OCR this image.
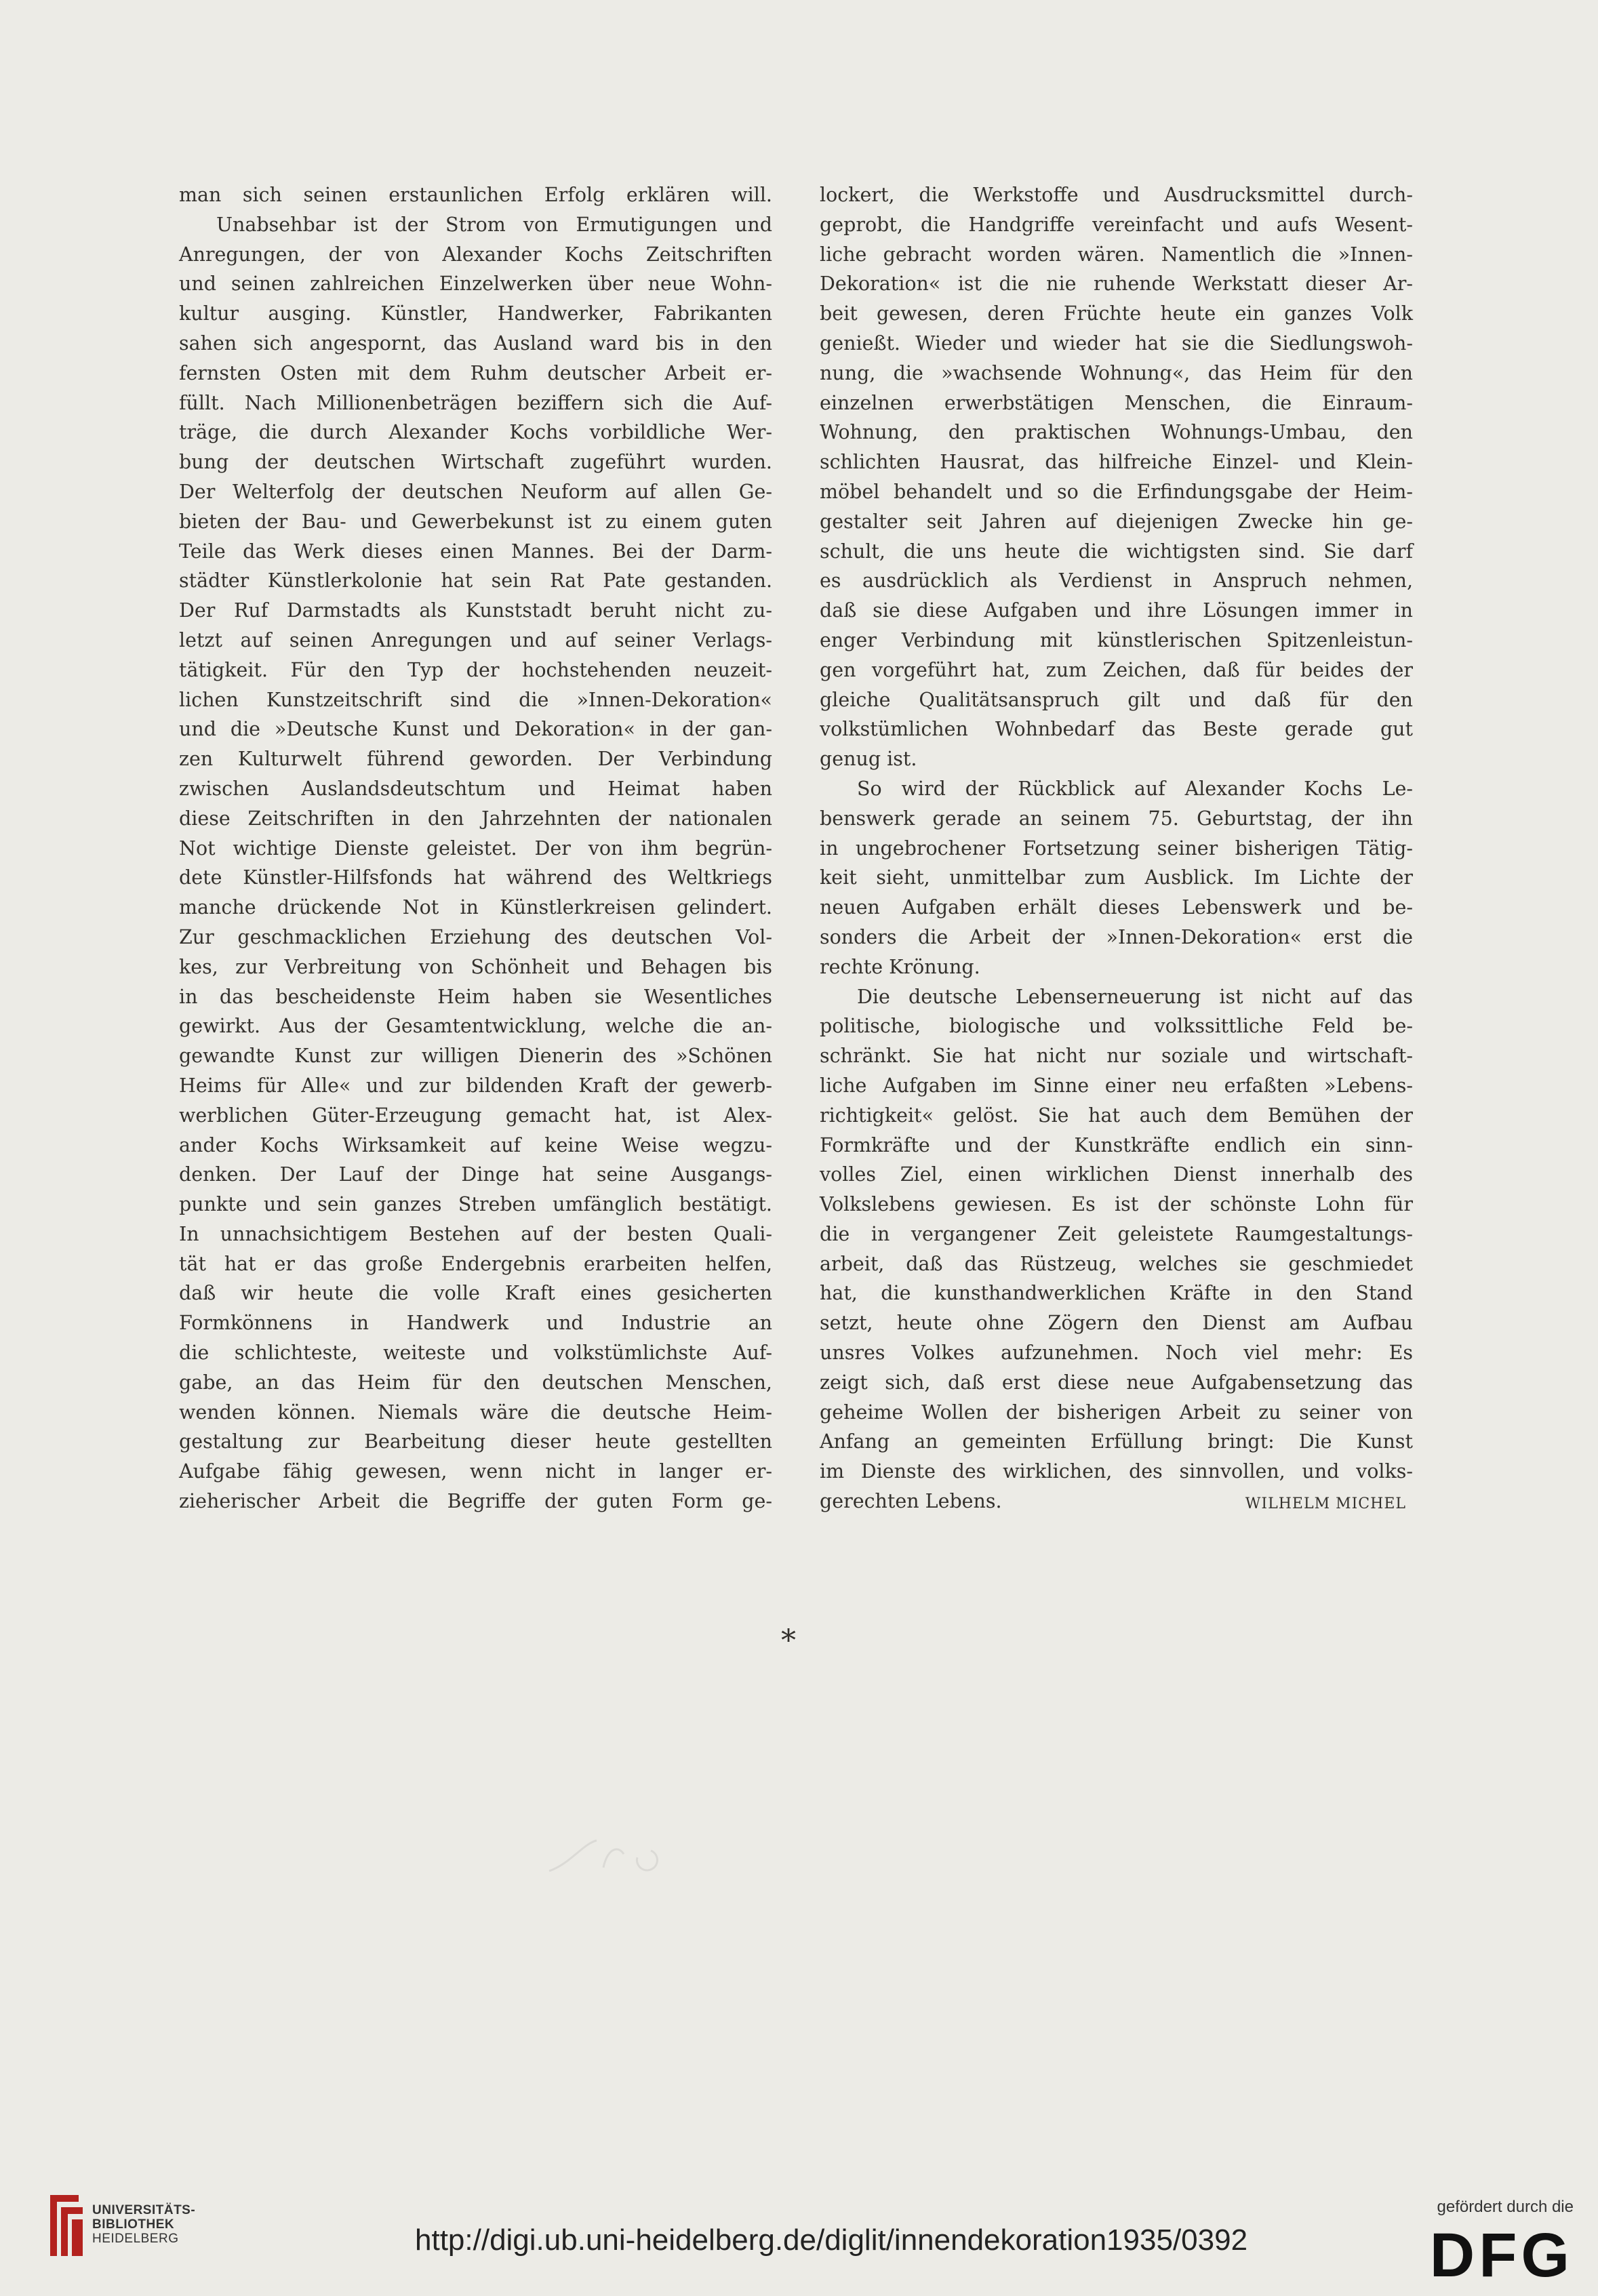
man sich seinen erstaunlichen Erfolg erklären will.
Unabsehbar ist der Strom von Ermutigungen und
Anregungen, der von Alexander Kochs Zeitschriften
und seinen zahlreichen Einzelwerken über neue Wohn-
kultur ausging. Künstler, Handwerker, Fabrikanten
sahen sich angespornt, das Ausland ward bis in den
fernsten Osten mit dem Ruhm deutscher Arbeit er-
füllt. Nach Millionenbeträgen beziffern sich die Auf-
träge, die durch Alexander Kochs vorbildliche Wer-
bung der deutschen Wirtschaft zugeführt wurden.
Der Welterfolg der deutschen Neuform auf allen Ge-
bieten der Bau- und Gewerbekunst ist zu einem guten
Teile das Werk dieses einen Mannes. Bei der Darm-
städter Künstlerkolonie hat sein Rat Pate gestanden.
Der Ruf Darmstadts als Kunststadt beruht nicht zu-
letzt auf seinen Anregungen und auf seiner Verlags-
tätigkeit. Für den Typ der hochstehenden neuzeit-
lichen Kunstzeitschrift sind die »Innen-Dekoration«
und die »Deutsche Kunst und Dekoration« in der gan-
zen Kulturwelt führend geworden. Der Verbindung
zwischen Auslandsdeutschtum und Heimat haben
diese Zeitschriften in den Jahrzehnten der nationalen
Not wichtige Dienste geleistet. Der von ihm begrün-
dete Künstler-Hilfsfonds hat während des Weltkriegs
manche drückende Not in Künstlerkreisen gelindert.
Zur geschmacklichen Erziehung des deutschen Vol-
kes, zur Verbreitung von Schönheit und Behagen bis
in das bescheidenste Heim haben sie Wesentliches
gewirkt. Aus der Gesamtentwicklung, welche die an-
gewandte Kunst zur willigen Dienerin des »Schönen
Heims für Alle« und zur bildenden Kraft der gewerb-
werblichen Güter-Erzeugung gemacht hat, ist Alex-
ander Kochs Wirksamkeit auf keine Weise wegzu-
denken. Der Lauf der Dinge hat seine Ausgangs-
punkte und sein ganzes Streben umfänglich bestätigt.
In unnachsichtigem Bestehen auf der besten Quali-
tät hat er das große Endergebnis erarbeiten helfen,
daß wir heute die volle Kraft eines gesicherten
Formkönnens in Handwerk und Industrie an
die schlichteste, weiteste und volkstümlichste Auf-
gabe, an das Heim für den deutschen Menschen,
wenden können. Niemals wäre die deutsche Heim-
gestaltung zur Bearbeitung dieser heute gestellten
Aufgabe fähig gewesen, wenn nicht in langer er-
zieherischer Arbeit die Begriffe der guten Form ge-
lockert, die Werkstoffe und Ausdrucksmittel durch-
geprobt, die Handgriffe vereinfacht und aufs Wesent-
liche gebracht worden wären. Namentlich die »Innen-
Dekoration« ist die nie ruhende Werkstatt dieser Ar-
beit gewesen, deren Früchte heute ein ganzes Volk
genießt. Wieder und wieder hat sie die Siedlungswoh-
nung, die »wachsende Wohnung«, das Heim für den
einzelnen erwerbstätigen Menschen, die Einraum-
Wohnung, den praktischen Wohnungs-Umbau, den
schlichten Hausrat, das hilfreiche Einzel- und Klein-
möbel behandelt und so die Erfindungsgabe der Heim-
gestalter seit Jahren auf diejenigen Zwecke hin ge-
schult, die uns heute die wichtigsten sind. Sie darf
es ausdrücklich als Verdienst in Anspruch nehmen,
daß sie diese Aufgaben und ihre Lösungen immer in
enger Verbindung mit künstlerischen Spitzenleistun-
gen vorgeführt hat, zum Zeichen, daß für beides der
gleiche Qualitätsanspruch gilt und daß für den
volkstümlichen Wohnbedarf das Beste gerade gut
genug ist.
So wird der Rückblick auf Alexander Kochs Le-
benswerk gerade an seinem 75. Geburtstag, der ihn
in ungebrochener Fortsetzung seiner bisherigen Tätig-
keit sieht, unmittelbar zum Ausblick. Im Lichte der
neuen Aufgaben erhält dieses Lebenswerk und be-
sonders die Arbeit der »Innen-Dekoration« erst die
rechte Krönung.
Die deutsche Lebenserneuerung ist nicht auf das
politische, biologische und volkssittliche Feld be-
schränkt. Sie hat nicht nur soziale und wirtschaft-
liche Aufgaben im Sinne einer neu erfaßten »Lebens-
richtigkeit« gelöst. Sie hat auch dem Bemühen der
Formkräfte und der Kunstkräfte endlich ein sinn-
volles Ziel, einen wirklichen Dienst innerhalb des
Volkslebens gewiesen. Es ist der schönste Lohn für
die in vergangener Zeit geleistete Raumgestaltungs-
arbeit, daß das Rüstzeug, welches sie geschmiedet
hat, die kunsthandwerklichen Kräfte in den Stand
setzt, heute ohne Zögern den Dienst am Aufbau
unsres Volkes aufzunehmen. Noch viel mehr: Es
zeigt sich, daß erst diese neue Aufgabensetzung das
geheime Wollen der bisherigen Arbeit zu seiner von
Anfang an gemeinten Erfüllung bringt: Die Kunst
im Dienste des wirklichen, des sinnvollen, und volks-
gerechten Lebens.	WILHELM MICHEL
*
UNIVERSITÄTS-
BIBLIOTHEK
HEIDELBERG	http://digi.ub.uni-heidelberg.de/diglit/innendekoration1935/0392
gefördert durch die
DFG
